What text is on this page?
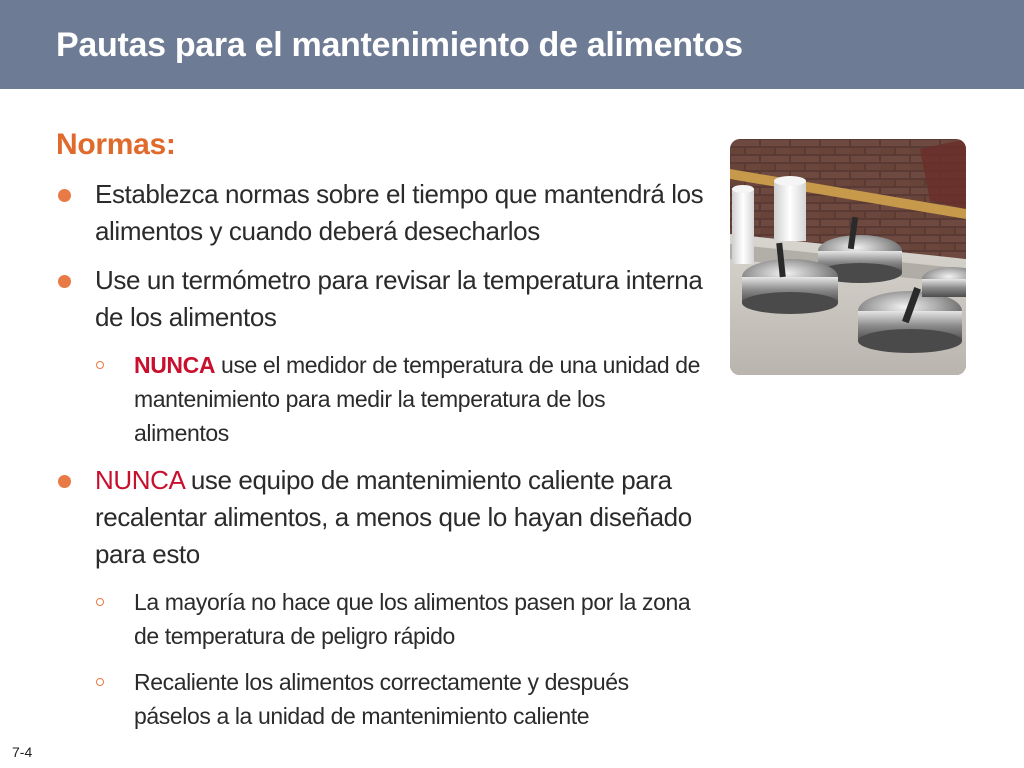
Pautas para el mantenimiento de alimentos
Normas:
Establezca normas sobre el tiempo que mantendrá los alimentos y cuando deberá desecharlos
Use un termómetro para revisar la temperatura interna de los alimentos
NUNCA use el medidor de temperatura de una unidad de mantenimiento para medir la temperatura de los alimentos
NUNCA use equipo de mantenimiento caliente para recalentar alimentos, a menos que lo hayan diseñado para esto
La mayoría no hace que los alimentos pasen por la zona de temperatura de peligro rápido
Recaliente los alimentos correctamente y después páselos a la unidad de mantenimiento caliente
7-4
